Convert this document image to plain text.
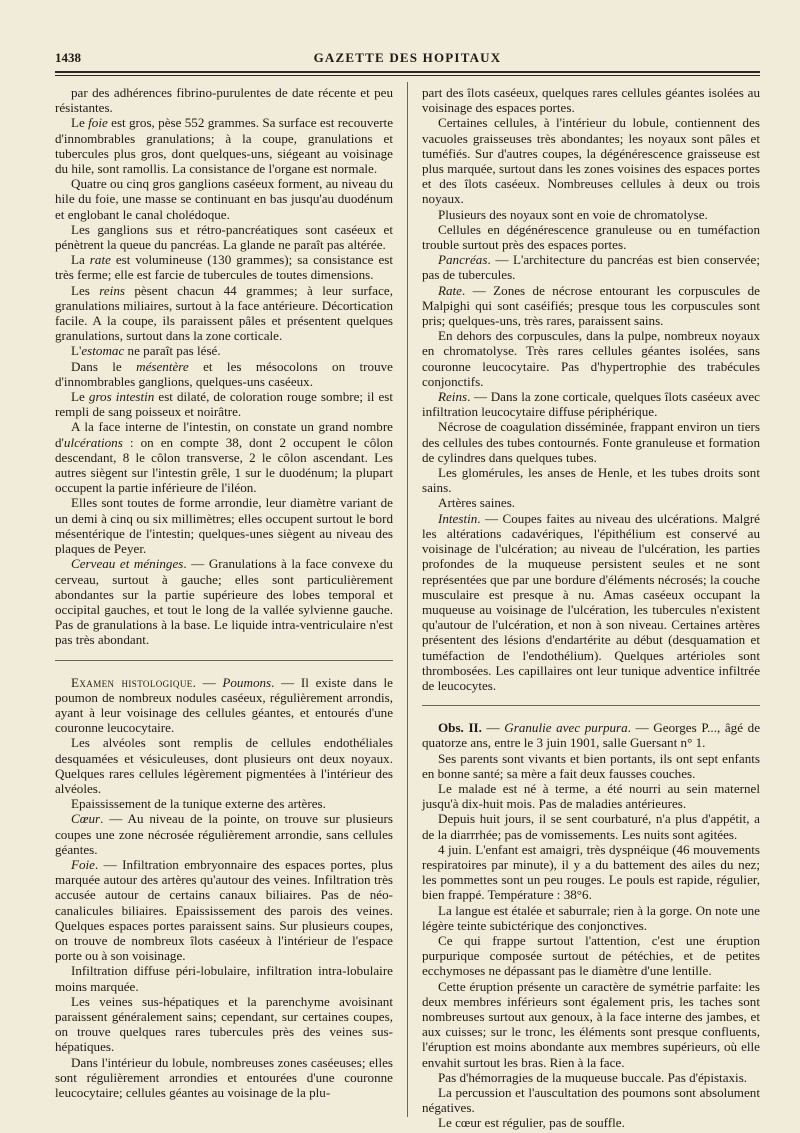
1438	GAZETTE DES HOPITAUX

par des adhérences fibrino-purulentes de date récente et peu résistantes.

Le foie est gros, pèse 552 grammes. Sa surface est recouverte d'innombrables granulations; à la coupe, granulations et tubercules plus gros, dont quelques-uns, siégeant au voisinage du hile, sont ramollis. La consistance de l'organe est normale.

Quatre ou cinq gros ganglions caséeux forment, au niveau du hile du foie, une masse se continuant en bas jusqu'au duodénum et englobant le canal cholédoque.

Les ganglions sus et rétro-pancréatiques sont caséeux et pénètrent la queue du pancréas. La glande ne paraît pas altérée.

La rate est volumineuse (130 grammes); sa consistance est très ferme; elle est farcie de tubercules de toutes dimensions.

Les reins pèsent chacun 44 grammes; à leur surface, granulations miliaires, surtout à la face antérieure. Décortication facile. A la coupe, ils paraissent pâles et présentent quelques granulations, surtout dans la zone corticale.

L'estomac ne paraît pas lésé.

Dans le mésentère et les mésocolons on trouve d'innombrables ganglions, quelques-uns caséeux.

Le gros intestin est dilaté, de coloration rouge sombre; il est rempli de sang poisseux et noirâtre.

A la face interne de l'intestin, on constate un grand nombre d'ulcérations : on en compte 38, dont 2 occupent le côlon descendant, 8 le côlon transverse, 2 le côlon ascendant. Les autres siègent sur l'intestin grêle, 1 sur le duodénum; la plupart occupent la partie inférieure de l'iléon.

Elles sont toutes de forme arrondie, leur diamètre variant de un demi à cinq ou six millimètres; elles occupent surtout le bord mésentérique de l'intestin; quelques-unes siègent au niveau des plaques de Peyer.

Cerveau et méninges. — Granulations à la face convexe du cerveau, surtout à gauche; elles sont particulièrement abondantes sur la partie supérieure des lobes temporal et occipital gauches, et tout le long de la vallée sylvienne gauche. Pas de granulations à la base. Le liquide intra-ventriculaire n'est pas très abondant.

Examen histologique. — Poumons. — Il existe dans le poumon de nombreux nodules caséeux, régulièrement arrondis, ayant à leur voisinage des cellules géantes, et entourés d'une couronne leucocytaire.

Les alvéoles sont remplis de cellules endothéliales desquamées et vésiculeuses, dont plusieurs ont deux noyaux. Quelques rares cellules légèrement pigmentées à l'intérieur des alvéoles.

Epaississement de la tunique externe des artères.

Cœur. — Au niveau de la pointe, on trouve sur plusieurs coupes une zone nécrosée régulièrement arrondie, sans cellules géantes.

Foie. — Infiltration embryonnaire des espaces portes, plus marquée autour des artères qu'autour des veines. Infiltration très accusée autour de certains canaux biliaires. Pas de néo-canalicules biliaires. Epaississement des parois des veines. Quelques espaces portes paraissent sains. Sur plusieurs coupes, on trouve de nombreux îlots caséeux à l'intérieur de l'espace porte ou à son voisinage.

Infiltration diffuse péri-lobulaire, infiltration intra-lobulaire moins marquée.

Les veines sus-hépatiques et la parenchyme avoisinant paraissent généralement sains; cependant, sur certaines coupes, on trouve quelques rares tubercules près des veines sus-hépatiques.

Dans l'intérieur du lobule, nombreuses zones caséeuses; elles sont régulièrement arrondies et entourées d'une couronne leucocytaire; cellules géantes au voisinage de la plu-

part des îlots caséeux, quelques rares cellules géantes isolées au voisinage des espaces portes.

Certaines cellules, à l'intérieur du lobule, contiennent des vacuoles graisseuses très abondantes; les noyaux sont pâles et tuméfiés. Sur d'autres coupes, la dégénérescence graisseuse est plus marquée, surtout dans les zones voisines des espaces portes et des îlots caséeux. Nombreuses cellules à deux ou trois noyaux.

Plusieurs des noyaux sont en voie de chromatolyse.

Cellules en dégénérescence granuleuse ou en tuméfaction trouble surtout près des espaces portes.

Pancréas. — L'architecture du pancréas est bien conservée; pas de tubercules.

Rate. — Zones de nécrose entourant les corpuscules de Malpighi qui sont caséifiés; presque tous les corpuscules sont pris; quelques-uns, très rares, paraissent sains.

En dehors des corpuscules, dans la pulpe, nombreux noyaux en chromatolyse. Très rares cellules géantes isolées, sans couronne leucocytaire. Pas d'hypertrophie des trabécules conjonctifs.

Reins. — Dans la zone corticale, quelques îlots caséeux avec infiltration leucocytaire diffuse périphérique.

Nécrose de coagulation disséminée, frappant environ un tiers des cellules des tubes contournés. Fonte granuleuse et formation de cylindres dans quelques tubes.

Les glomérules, les anses de Henle, et les tubes droits sont sains.

Artères saines.

Intestin. — Coupes faites au niveau des ulcérations. Malgré les altérations cadavériques, l'épithélium est conservé au voisinage de l'ulcération; au niveau de l'ulcération, les parties profondes de la muqueuse persistent seules et ne sont représentées que par une bordure d'éléments nécrosés; la couche musculaire est presque à nu. Amas caséeux occupant la muqueuse au voisinage de l'ulcération, les tubercules n'existent qu'autour de l'ulcération, et non à son niveau. Certaines artères présentent des lésions d'endartérite au début (desquamation et tuméfaction de l'endothélium). Quelques artérioles sont thrombosées. Les capillaires ont leur tunique adventice infiltrée de leucocytes.

Obs. II. — Granulie avec purpura. — Georges P..., âgé de quatorze ans, entre le 3 juin 1901, salle Guersant n° 1.

Ses parents sont vivants et bien portants, ils ont sept enfants en bonne santé; sa mère a fait deux fausses couches.

Le malade est né à terme, a été nourri au sein maternel jusqu'à dix-huit mois. Pas de maladies antérieures.

Depuis huit jours, il se sent courbaturé, n'a plus d'appétit, a de la diarrrhée; pas de vomissements. Les nuits sont agitées.

4 juin. L'enfant est amaigri, très dyspnéique (46 mouvements respiratoires par minute), il y a du battement des ailes du nez; les pommettes sont un peu rouges. Le pouls est rapide, régulier, bien frappé. Température : 38°6.

La langue est étalée et saburrale; rien à la gorge. On note une légère teinte subictérique des conjonctives.

Ce qui frappe surtout l'attention, c'est une éruption purpurique composée surtout de pétéchies, et de petites ecchymoses ne dépassant pas le diamètre d'une lentille.

Cette éruption présente un caractère de symétrie parfaite: les deux membres inférieurs sont également pris, les taches sont nombreuses surtout aux genoux, à la face interne des jambes, et aux cuisses; sur le tronc, les éléments sont presque confluents, l'éruption est moins abondante aux membres supérieurs, où elle envahit surtout les bras. Rien à la face.

Pas d'hémorragies de la muqueuse buccale. Pas d'épistaxis.

La percussion et l'auscultation des poumons sont absolument négatives.

Le cœur est régulier, pas de souffle.
